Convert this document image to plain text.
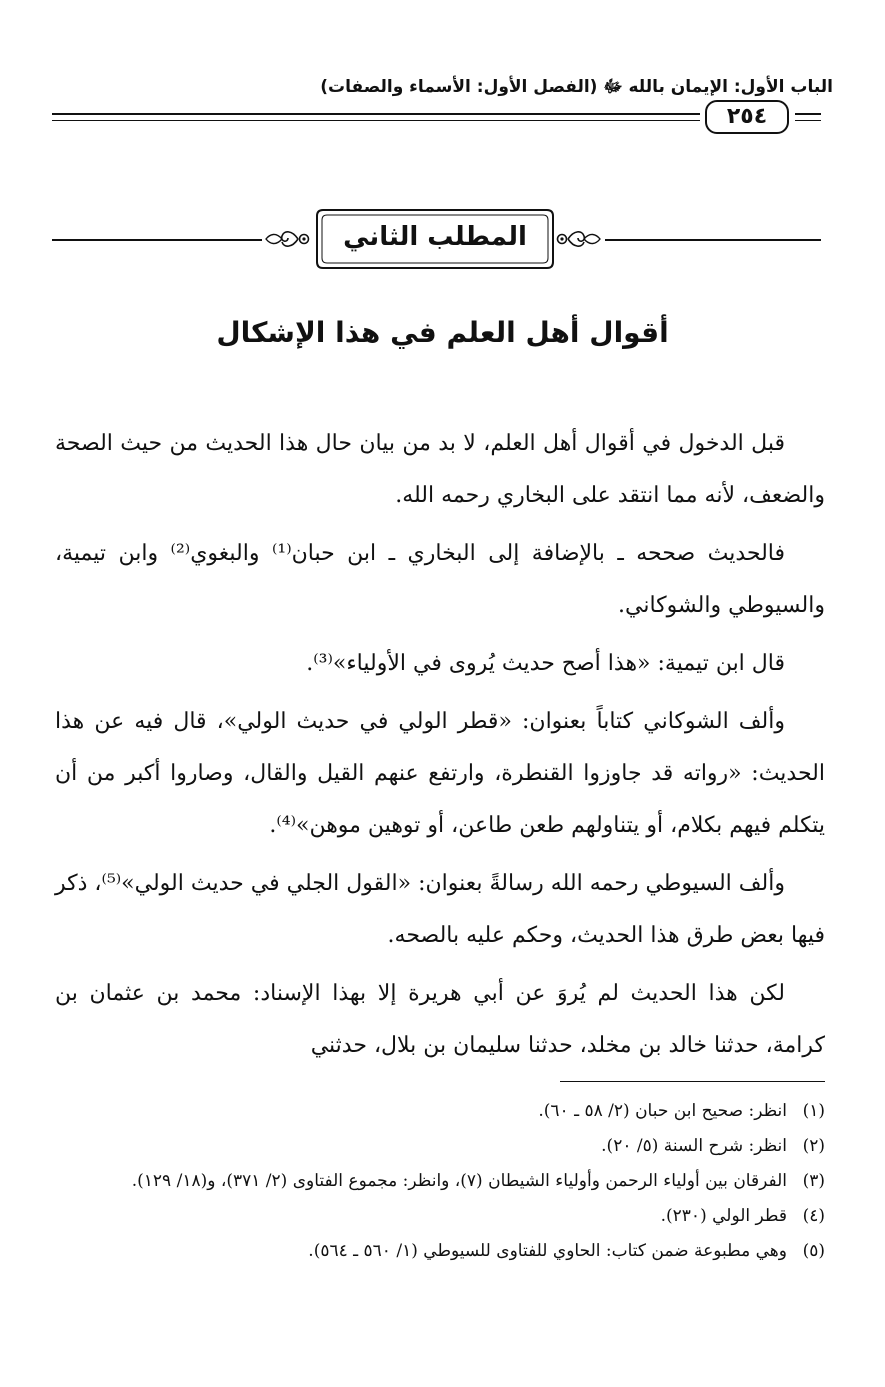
الباب الأول: الإيمان بالله ﷻ (الفصل الأول: الأسماء والصفات)
٢٥٤
المطلب الثاني
أقوال أهل العلم في هذا الإشكال

قبل الدخول في أقوال أهل العلم، لا بد من بيان حال هذا الحديث من حيث الصحة والضعف، لأنه مما انتقد على البخاري رحمه الله.

فالحديث صححه ـ بالإضافة إلى البخاري ـ ابن حبان⁽¹⁾ والبغوي⁽²⁾ وابن تيمية، والسيوطي والشوكاني.

قال ابن تيمية: «هذا أصح حديث يُروى في الأولياء»⁽³⁾.

وألف الشوكاني كتاباً بعنوان: «قطر الولي في حديث الولي»، قال فيه عن هذا الحديث: «رواته قد جاوزوا القنطرة، وارتفع عنهم القيل والقال، وصاروا أكبر من أن يتكلم فيهم بكلام، أو يتناولهم طعن طاعن، أو توهين موهن»⁽⁴⁾.

وألف السيوطي رحمه الله رسالةً بعنوان: «القول الجلي في حديث الولي»⁽⁵⁾، ذكر فيها بعض طرق هذا الحديث، وحكم عليه بالصحه.

لكن هذا الحديث لم يُروَ عن أبي هريرة إلا بهذا الإسناد: محمد بن عثمان بن كرامة، حدثنا خالد بن مخلد، حدثنا سليمان بن بلال، حدثني

(١)
انظر: صحيح ابن حبان (٢/ ٥٨ ـ ٦٠).
(٢)
انظر: شرح السنة (٥/ ٢٠).
(٣)
الفرقان بين أولياء الرحمن وأولياء الشيطان (٧)، وانظر: مجموع الفتاوى (٢/ ٣٧١)، و(١٨/ ١٢٩).
(٤)
قطر الولي (٢٣٠).
(٥)
وهي مطبوعة ضمن كتاب: الحاوي للفتاوى للسيوطي (١/ ٥٦٠ ـ ٥٦٤).
